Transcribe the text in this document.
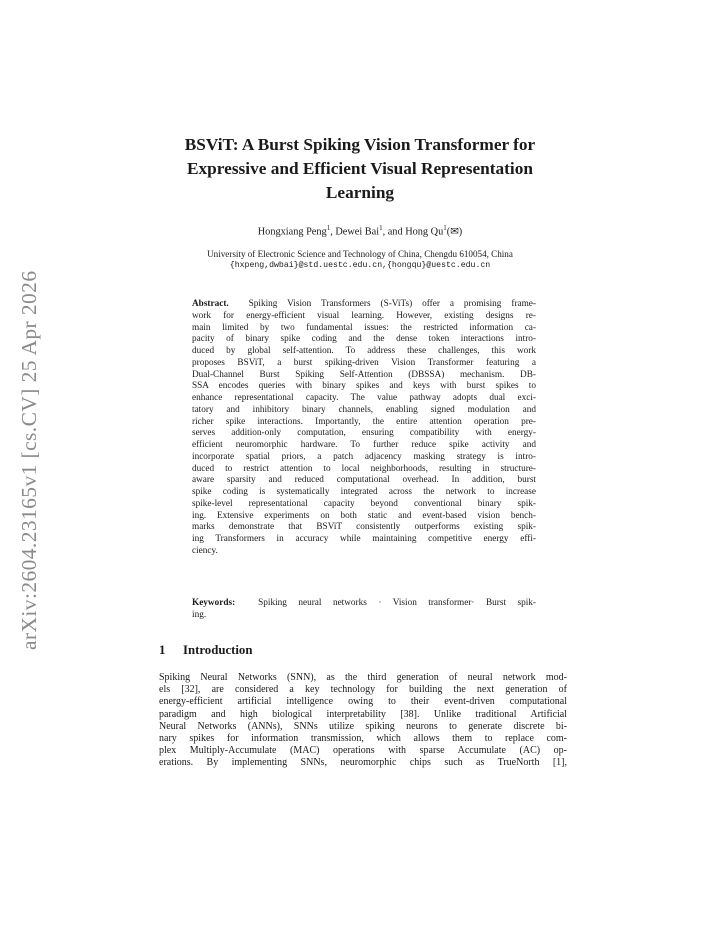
arXiv:2604.23165v1 [cs.CV] 25 Apr 2026
BSViT: A Burst Spiking Vision Transformer for
Expressive and Efficient Visual Representation
Learning
Hongxiang Peng$^1$, Dewei Bai$^1$, and Hong Qu$^1$(✉)
University of Electronic Science and Technology of China, Chengdu 610054, China
{hxpeng,dwbai}@std.uestc.edu.cn,{hongqu}@uestc.edu.cn
Abstract. Spiking Vision Transformers (S-ViTs) offer a promising frame-
work for energy-efficient visual learning. However, existing designs re-
main limited by two fundamental issues: the restricted information ca-
pacity of binary spike coding and the dense token interactions intro-
duced by global self-attention. To address these challenges, this work
proposes BSViT, a burst spiking-driven Vision Transformer featuring a
Dual-Channel Burst Spiking Self-Attention (DBSSA) mechanism. DB-
SSA encodes queries with binary spikes and keys with burst spikes to
enhance representational capacity. The value pathway adopts dual exci-
tatory and inhibitory binary channels, enabling signed modulation and
richer spike interactions. Importantly, the entire attention operation pre-
serves addition-only computation, ensuring compatibility with energy-
efficient neuromorphic hardware. To further reduce spike activity and
incorporate spatial priors, a patch adjacency masking strategy is intro-
duced to restrict attention to local neighborhoods, resulting in structure-
aware sparsity and reduced computational overhead. In addition, burst
spike coding is systematically integrated across the network to increase
spike-level representational capacity beyond conventional binary spik-
ing. Extensive experiments on both static and event-based vision bench-
marks demonstrate that BSViT consistently outperforms existing spik-
ing Transformers in accuracy while maintaining competitive energy effi-
ciency.
Keywords: Spiking neural networks · Vision transformer· Burst spik-
ing.
1 Introduction
Spiking Neural Networks (SNN), as the third generation of neural network mod-
els [32], are considered a key technology for building the next generation of
energy-efficient artificial intelligence owing to their event-driven computational
paradigm and high biological interpretability [38]. Unlike traditional Artificial
Neural Networks (ANNs), SNNs utilize spiking neurons to generate discrete bi-
nary spikes for information transmission, which allows them to replace com-
plex Multiply-Accumulate (MAC) operations with sparse Accumulate (AC) op-
erations. By implementing SNNs, neuromorphic chips such as TrueNorth [1],
